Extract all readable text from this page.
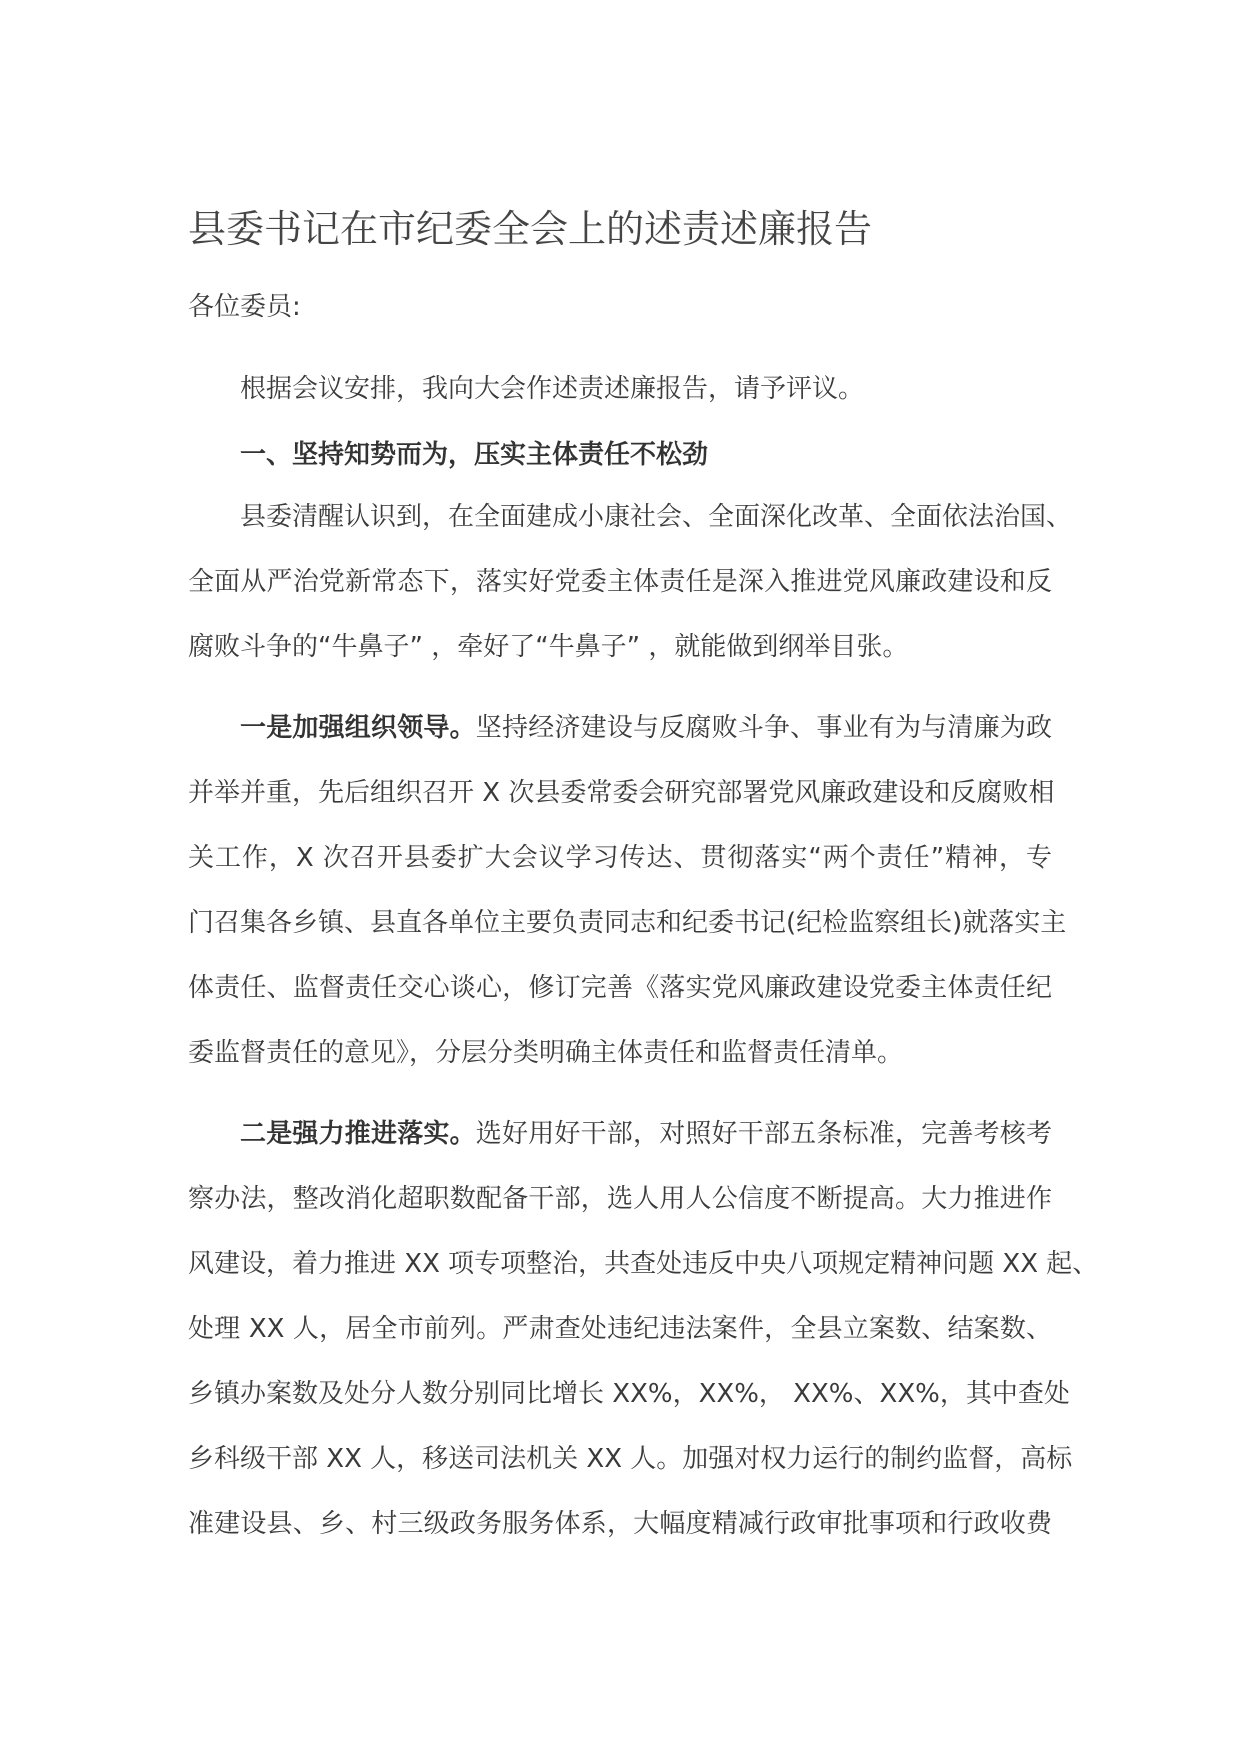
县委书记在市纪委全会上的述责述廉报告
各位委员:
根据会议安排，我向大会作述责述廉报告，请予评议。
一、坚持知势而为，压实主体责任不松劲
县委清醒认识到，在全面建成小康社会、全面深化改革、全面依法治国、
全面从严治党新常态下，落实好党委主体责任是深入推进党风廉政建设和反
腐败斗争的“牛鼻子” ，牵好了“牛鼻子” ，就能做到纲举目张。
一是加强组织领导。坚持经济建设与反腐败斗争、事业有为与清廉为政
并举并重，先后组织召开 X 次县委常委会研究部署党风廉政建设和反腐败相
关工作，X 次召开县委扩大会议学习传达、贯彻落实“两个责任”精神，专
门召集各乡镇、县直各单位主要负责同志和纪委书记(纪检监察组长)就落实主
体责任、监督责任交心谈心，修订完善《落实党风廉政建设党委主体责任纪
委监督责任的意见》，分层分类明确主体责任和监督责任清单。
二是强力推进落实。选好用好干部，对照好干部五条标准，完善考核考
察办法，整改消化超职数配备干部，选人用人公信度不断提高。大力推进作
风建设，着力推进 XX 项专项整治，共查处违反中央八项规定精神问题 XX 起、
处理 XX 人，居全市前列。严肃查处违纪违法案件，全县立案数、结案数、
乡镇办案数及处分人数分别同比增长 XX%，XX%， XX%、XX%，其中查处
乡科级干部 XX 人，移送司法机关 XX 人。加强对权力运行的制约监督，高标
准建设县、乡、村三级政务服务体系，大幅度精减行政审批事项和行政收费
